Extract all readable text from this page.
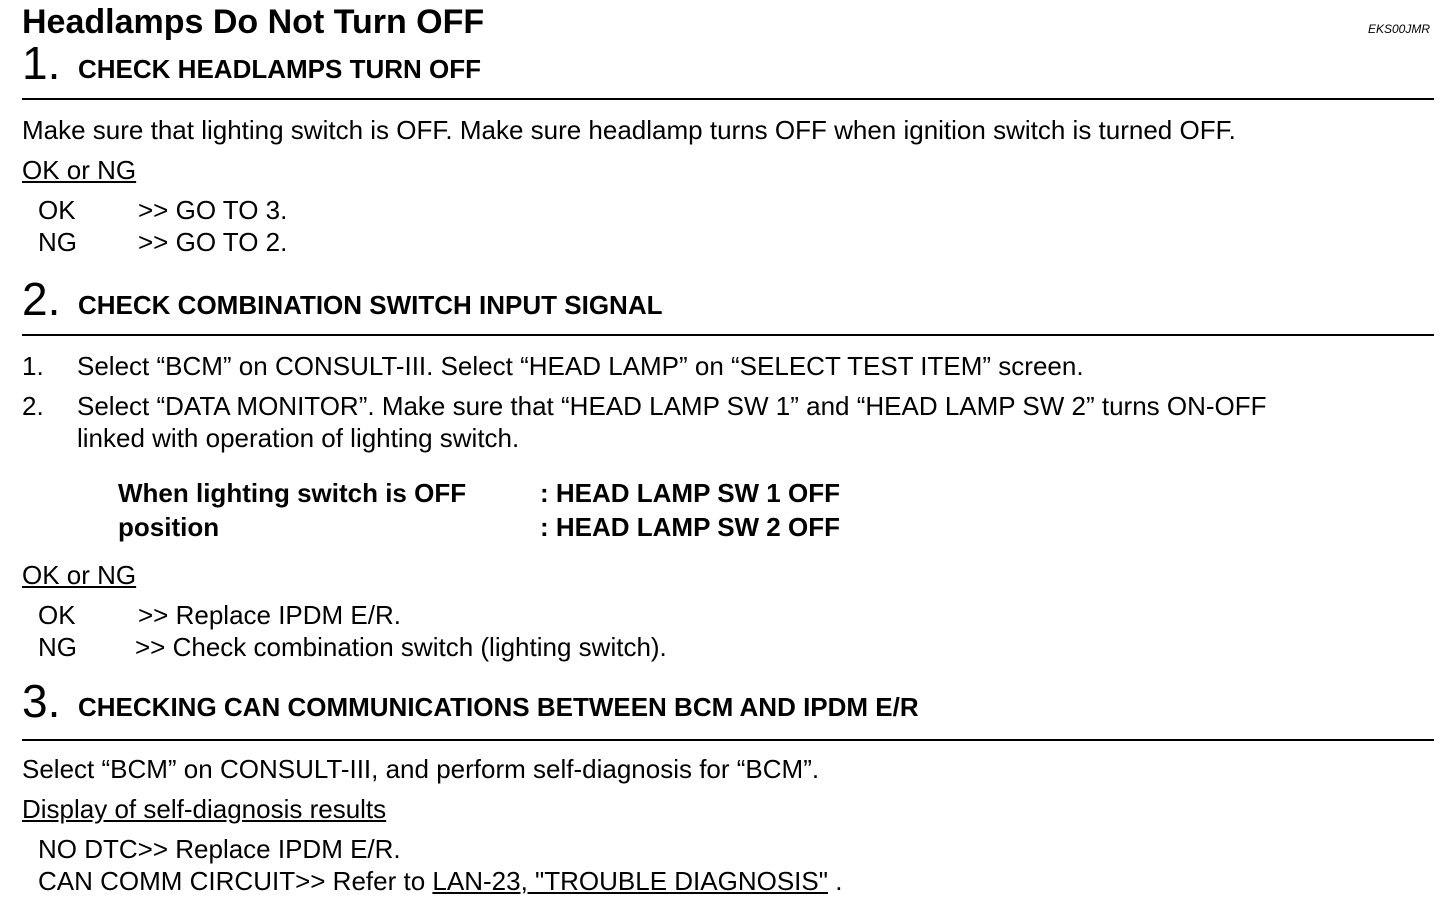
Headlamps Do Not Turn OFF	EKS00JMR
1. CHECK HEADLAMPS TURN OFF
Make sure that lighting switch is OFF. Make sure headlamp turns OFF when ignition switch is turned OFF.
OK or NG
OK >> GO TO 3.
NG >> GO TO 2.
2. CHECK COMBINATION SWITCH INPUT SIGNAL
1. Select “BCM” on CONSULT-III. Select “HEAD LAMP” on “SELECT TEST ITEM” screen.
2. Select “DATA MONITOR”. Make sure that “HEAD LAMP SW 1” and “HEAD LAMP SW 2” turns ON-OFF
linked with operation of lighting switch.
When lighting switch is OFF
position
: HEAD LAMP SW 1 OFF
: HEAD LAMP SW 2 OFF
OK or NG
OK >> Replace IPDM E/R.
NG >> Check combination switch (lighting switch).
3. CHECKING CAN COMMUNICATIONS BETWEEN BCM AND IPDM E/R
Select “BCM” on CONSULT-III, and perform self-diagnosis for “BCM”.
Display of self-diagnosis results
NO DTC>> Replace IPDM E/R.
CAN COMM CIRCUIT>> Refer to LAN-23, "TROUBLE DIAGNOSIS" .
